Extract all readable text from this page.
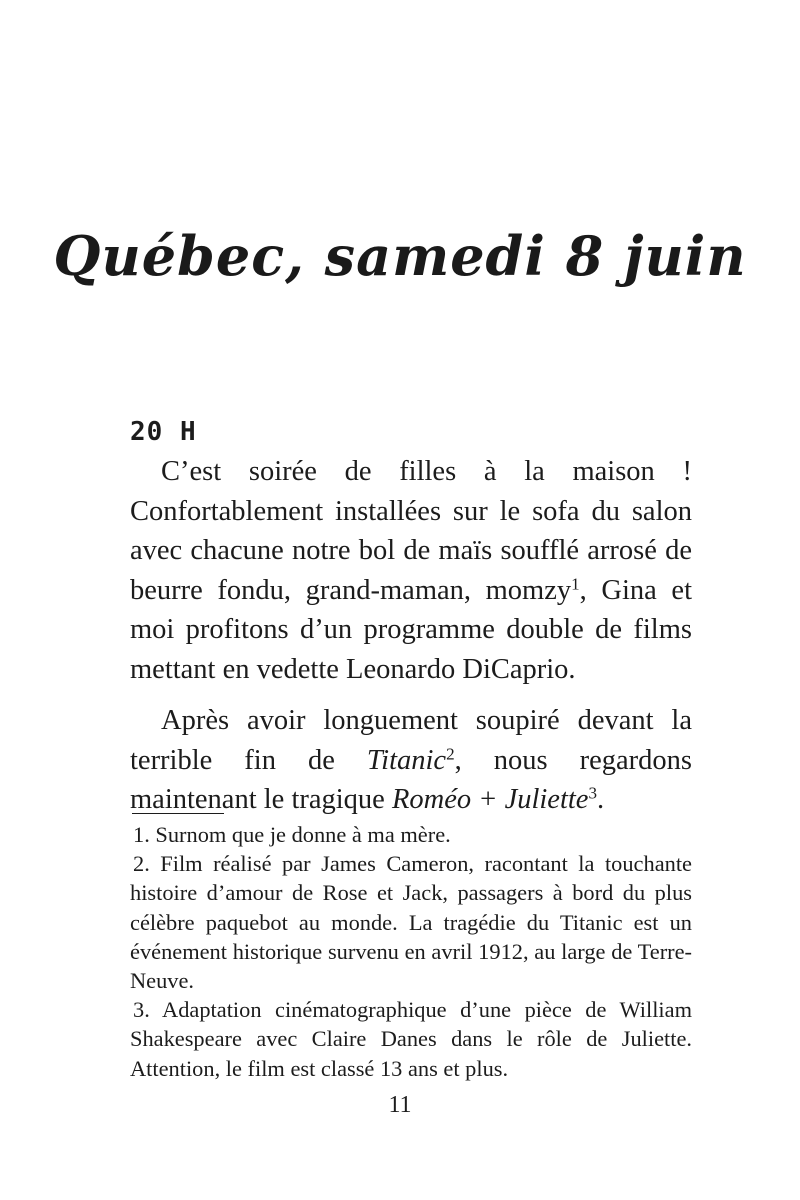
Québec, samedi 8 juin
20 H

C’est soirée de filles à la maison ! Confortablement installées sur le sofa du salon avec chacune notre bol de maïs soufflé arrosé de beurre fondu, grand-maman, momzy$^1$, Gina et moi profitons d’un programme double de films mettant en vedette Leonardo DiCaprio.

Après avoir longuement soupiré devant la terrible fin de Titanic$^2$, nous regardons maintenant le tragique Roméo + Juliette$^3$.

1. Surnom que je donne à ma mère.

2. Film réalisé par James Cameron, racontant la touchante histoire d’amour de Rose et Jack, passagers à bord du plus célèbre paquebot au monde. La tragédie du Titanic est un événement historique survenu en avril 1912, au large de Terre-Neuve.

3. Adaptation cinématographique d’une pièce de William Shakespeare avec Claire Danes dans le rôle de Juliette. Attention, le film est classé 13 ans et plus.

11
